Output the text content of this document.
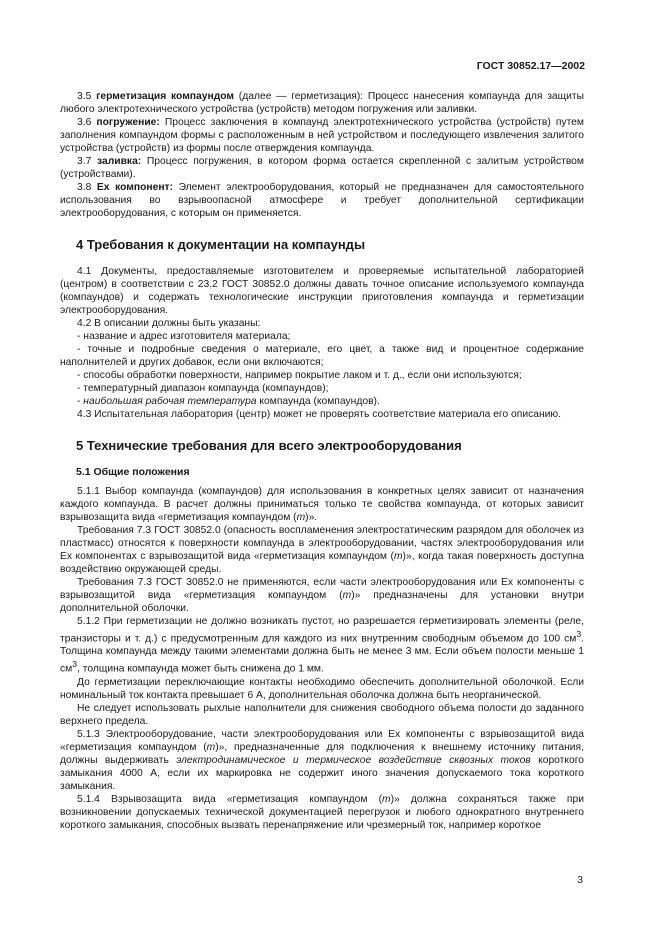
ГОСТ 30852.17—2002

3.5 герметизация компаундом (далее — герметизация): Процесс нанесения компаунда для защиты любого электротехнического устройства (устройств) методом погружения или заливки.

3.6 погружение: Процесс заключения в компаунд электротехнического устройства (устройств) путем заполнения компаундом формы с расположенным в ней устройством и последующего извлечения залитого устройства (устройств) из формы после отверждения компаунда.

3.7 заливка: Процесс погружения, в котором форма остается скрепленной с залитым устройством (устройствами).

3.8 Ех компонент: Элемент электрооборудования, который не предназначен для самостоятельного использования во взрывоопасной атмосфере и требует дополнительной сертификации электрооборудования, с которым он применяется.

4 Требования к документации на компаунды

4.1 Документы, предоставляемые изготовителем и проверяемые испытательной лабораторией (центром) в соответствии с 23.2 ГОСТ 30852.0 должны давать точное описание используемого компаунда (компаундов) и содержать технологические инструкции приготовления компаунда и герметизации электрооборудования.

4.2 В описании должны быть указаны:

- название и адрес изготовителя материала;

- точные и подробные сведения о материале, его цвет, а также вид и процентное содержание наполнителей и других добавок, если они включаются;

- способы обработки поверхности, например покрытие лаком и т. д., если они используются;

- температурный диапазон компаунда (компаундов);

- наибольшая рабочая температура компаунда (компаундов).

4.3 Испытательная лаборатория (центр) может не проверять соответствие материала его описанию.

5 Технические требования для всего электрооборудования
5.1 Общие положения

5.1.1 Выбор компаунда (компаундов) для использования в конкретных целях зависит от назначения каждого компаунда. В расчет должны приниматься только те свойства компаунда, от которых зависит взрывозащита вида «герметизация компаундом (m)».

Требования 7.3 ГОСТ 30852.0 (опасность воспламенения электростатическим разрядом для оболочек из пластмасс) относятся к поверхности компаунда в электрооборудовании, частях электрооборудования или Ех компонентах с взрывозащитой вида «герметизация компаундом (m)», когда такая поверхность доступна воздействию окружающей среды.

Требования 7.3 ГОСТ 30852.0 не применяются, если части электрооборудования или Ех компоненты с взрывозащитой вида «герметизация компаундом (m)» предназначены для установки внутри дополнительной оболочки.

5.1.2 При герметизации не должно возникать пустот, но разрешается герметизировать элементы (реле, транзисторы и т. д.) с предусмотренным для каждого из них внутренним свободным объемом до 100 $см^3$. Толщина компаунда между такими элементами должна быть не менее 3 мм. Если объем полости меньше 1 $см^3$, толщина компаунда может быть снижена до 1 мм.

До герметизации переключающие контакты необходимо обеспечить дополнительной оболочкой. Если номинальный ток контакта превышает 6 А, дополнительная оболочка должна быть неорганической.

Не следует использовать рыхлые наполнители для снижения свободного объема полости до заданного верхнего предела.

5.1.3 Электрооборудование, части электрооборудования или Ех компоненты с взрывозащитой вида «герметизация компаундом (m)», предназначенные для подключения к внешнему источнику питания, должны выдерживать электродинамическое и термическое воздействие сквозных токов короткого замыкания 4000 А, если их маркировка не содержит иного значения допускаемого тока короткого замыкания.

5.1.4 Взрывозащита вида «герметизация компаундом (m)» должна сохраняться также при возникновении допускаемых технической документацией перегрузок и любого однократного внутреннего короткого замыкания, способных вызвать перенапряжение или чрезмерный ток, например короткое

3
